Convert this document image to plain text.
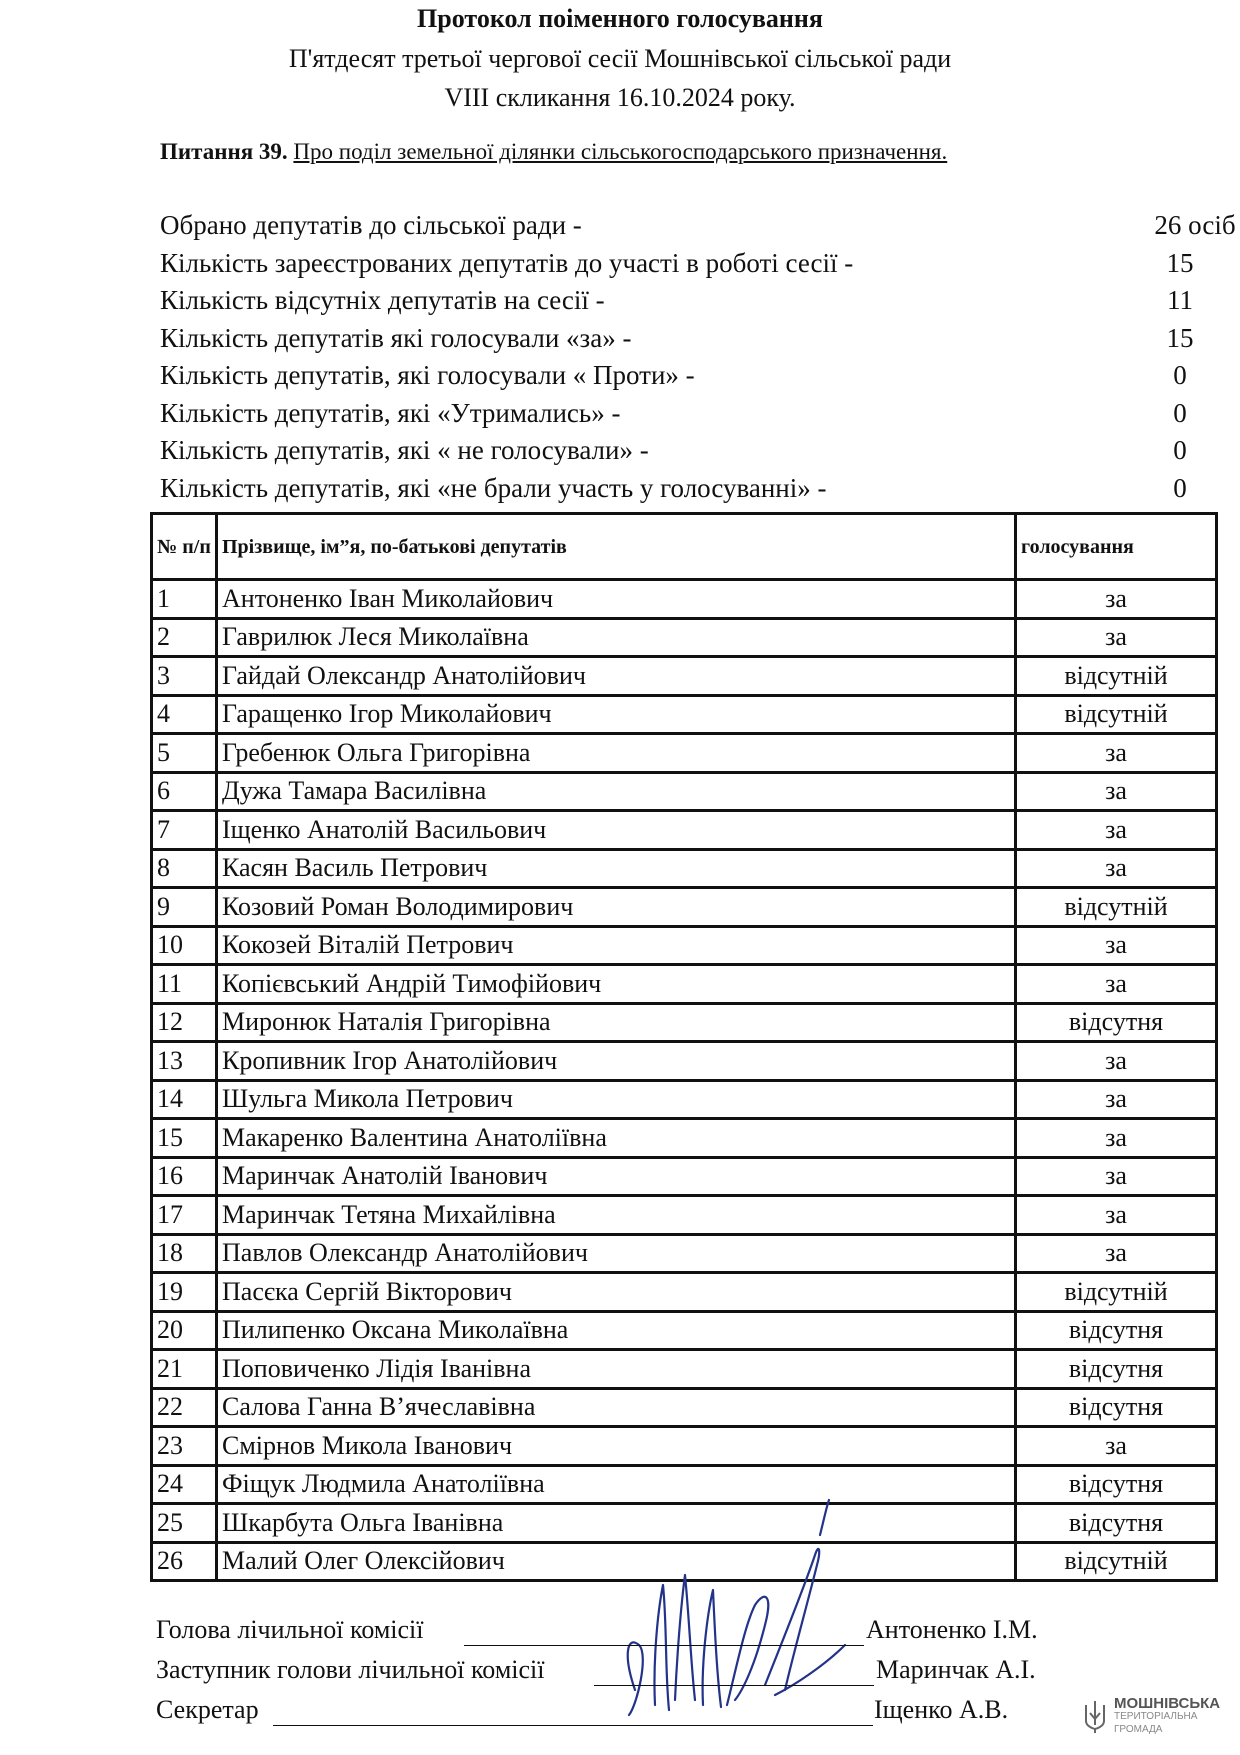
Протокол поіменного голосування
П'ятдесят третьої чергової сесії Мошнівської сільської ради
VIII скликання 16.10.2024 року.
Питання 39. Про поділ земельної ділянки сільськогосподарського призначення.
Обрано депутатів до сільської ради -	26 осіб
Кількість зареєстрованих депутатів до участі в роботі сесії -	15
Кількість відсутніх депутатів на сесії -	11
Кількість депутатів які голосували «за» -	15
Кількість депутатів, які голосували « Проти» -	0
Кількість депутатів, які «Утримались» -	0
Кількість депутатів, які « не голосували» -	0
Кількість депутатів, які «не брали участь у голосуванні» -	0
№ п/п	Прізвище, ім”я, по-батькові депутатів	голосування
1	Антоненко Іван Миколайович	за
2	Гаврилюк Леся Миколаївна	за
3	Гайдай Олександр Анатолійович	відсутній
4	Гаращенко Ігор Миколайович	відсутній
5	Гребенюк Ольга Григорівна	за
6	Дужа Тамара Василівна	за
7	Іщенко Анатолій Васильович	за
8	Касян Василь Петрович	за
9	Козовий Роман Володимирович	відсутній
10	Кокозей Віталій Петрович	за
11	Копієвський Андрій Тимофійович	за
12	Миронюк Наталія Григорівна	відсутня
13	Кропивник Ігор Анатолійович	за
14	Шульга Микола Петрович	за
15	Макаренко Валентина Анатоліївна	за
16	Маринчак Анатолій Іванович	за
17	Маринчак Тетяна Михайлівна	за
18	Павлов Олександр Анатолійович	за
19	Пасєка Сергій Вікторович	відсутній
20	Пилипенко Оксана Миколаївна	відсутня
21	Поповиченко Лідія Іванівна	відсутня
22	Салова Ганна В’ячеславівна	відсутня
23	Смірнов Микола Іванович	за
24	Фіщук Людмила Анатоліївна	відсутня
25	Шкарбута Ольга Іванівна	відсутня
26	Малий Олег Олексійович	відсутній
Голова лічильної комісії	Антоненко І.М.
Заступник голови лічильної комісії	Маринчак А.І.
Секретар	Іщенко А.В.	МОШНІВСЬКА
ТЕРИТОРІАЛЬНА
ГРОМАДА
